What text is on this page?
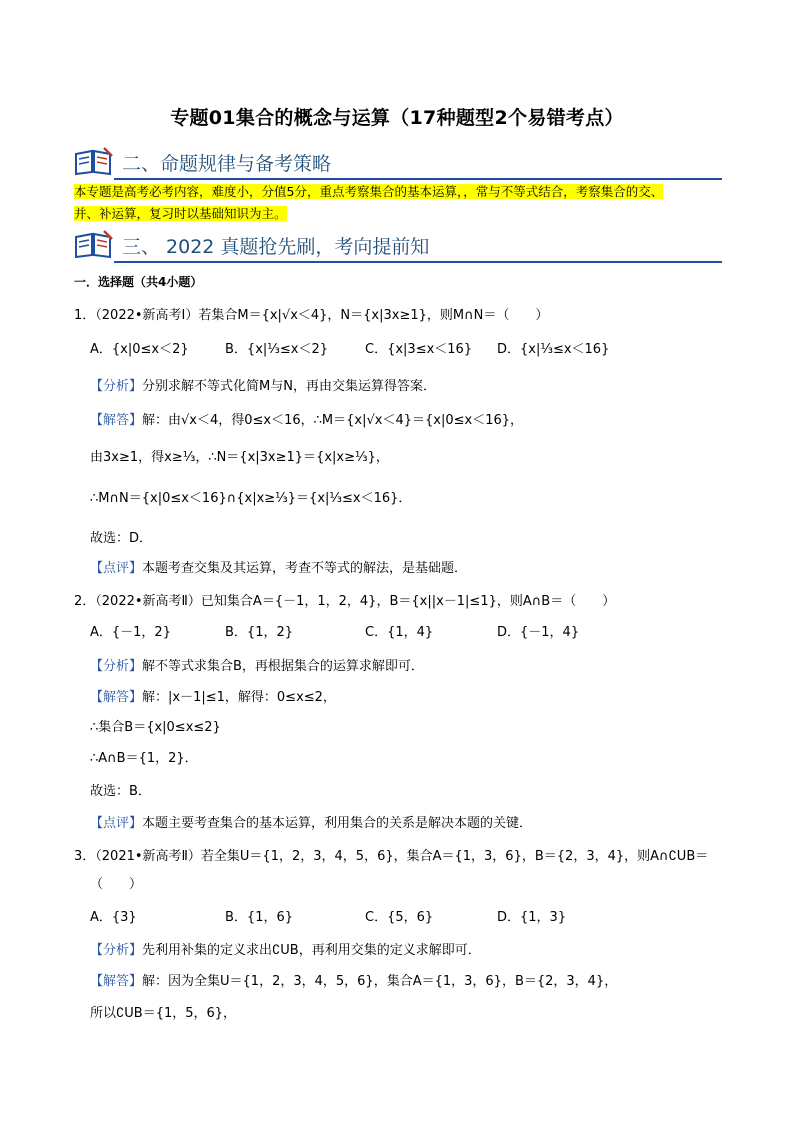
专题01集合的概念与运算（17种题型2个易错考点）
二、命题规律与备考策略
本专题是高考必考内容，难度小，分值5分，重点考察集合的基本运算，，常与不等式结合，考察集合的交、
并、补运算，复习时以基础知识为主。
三、 2022 真题抢先刷，考向提前知
一．选择题（共4小题）
1．（2022•新高考Ⅰ）若集合M＝{x|√x＜4}，N＝{x|3x≥1}，则M∩N＝（　　）
A．{x|0≤x＜2}	B．{x|⅓≤x＜2}	C．{x|3≤x＜16} D．{x|⅓≤x＜16}
【分析】分别求解不等式化简M与N，再由交集运算得答案．
【解答】解：由√x＜4，得0≤x＜16，∴M＝{x|√x＜4}＝{x|0≤x＜16}，
由3x≥1，得x≥⅓，∴N＝{x|3x≥1}＝{x|x≥⅓}，
∴M∩N＝{x|0≤x＜16}∩{x|x≥⅓}＝{x|⅓≤x＜16}．
故选：D．
【点评】本题考查交集及其运算，考查不等式的解法，是基础题．
2．（2022•新高考Ⅱ）已知集合A＝{－1，1，2，4}，B＝{x||x－1|≤1}，则A∩B＝（　　）
A．{－1，2}	B．{1，2}	C．{1，4}	D．{－1，4}
【分析】解不等式求集合B，再根据集合的运算求解即可．
【解答】解：|x－1|≤1，解得：0≤x≤2，
∴集合B＝{x|0≤x≤2}
∴A∩B＝{1，2}．
故选：B．
【点评】本题主要考查集合的基本运算，利用集合的关系是解决本题的关键．
3．（2021•新高考Ⅱ）若全集U＝{1，2，3，4，5，6}，集合A＝{1，3，6}，B＝{2，3，4}，则A∩∁UB＝
（　　）
A．{3}	B．{1，6}	C．{5，6}	D．{1，3}
【分析】先利用补集的定义求出∁UB，再利用交集的定义求解即可．
【解答】解：因为全集U＝{1，2，3，4，5，6}，集合A＝{1，3，6}，B＝{2，3，4}，
所以∁UB＝{1，5，6}，
